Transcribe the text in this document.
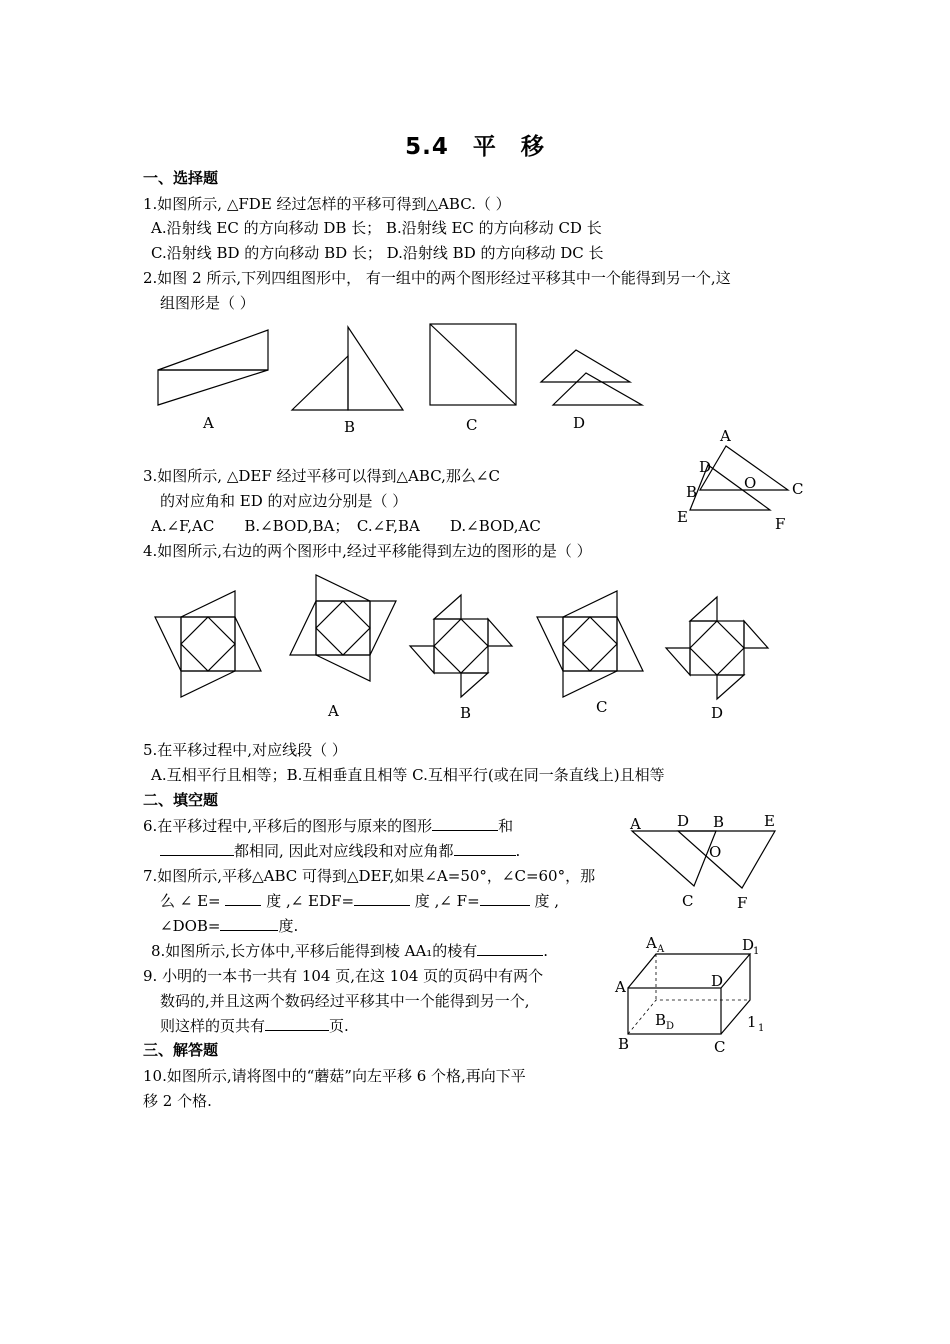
5.4　平　移
一、选择题
1.如图所示, △FDE 经过怎样的平移可得到△ABC.（ ）
A.沿射线 EC 的方向移动 DB 长； B.沿射线 EC 的方向移动 CD 长
C.沿射线 BD 的方向移动 BD 长； D.沿射线 BD 的方向移动 DC 长
2.如图 2 所示,下列四组图形中， 有一组中的两个图形经过平移其中一个能得到另一个,这
组图形是（ ）
A	B	C	D
3.如图所示, △DEF 经过平移可以得到△ABC,那么∠C
的对应角和 ED 的对应边分别是（ ）
A.∠F,AC　　B.∠BOD,BA；　C.∠F,BA　　D.∠BOD,AC
A
D
B	O C
E	F
4.如图所示,右边的两个图形中,经过平移能得到左边的图形的是（ ）
A	B	C	D
5.在平移过程中,对应线段（ ）
A.互相平行且相等；B.互相垂直且相等 C.互相平行(或在同一条直线上)且相等
二、填空题
6.在平移过程中,平移后的图形与原来的图形	和
都相同, 因此对应线段和对应角都	.
A D B	E
O
C	F
7.如图所示,平移△ABC 可得到△DEF,如果∠A=50°，∠C=60°，那
么 ∠ E=	度 ,∠ EDF=	度 ,∠ F=	度 ,
∠DOB=	度.
8.如图所示,长方体中,平移后能得到棱 AA₁的棱有	.	A A	D
1
A	D
B D	1 1
B	C
9. 小明的一本书一共有 104 页,在这 104 页的页码中有两个
数码的,并且这两个数码经过平移其中一个能得到另一个,
则这样的页共有	页.
三、解答题
10.如图所示,请将图中的“蘑菇”向左平移 6 个格,再向下平
移 2 个格.
